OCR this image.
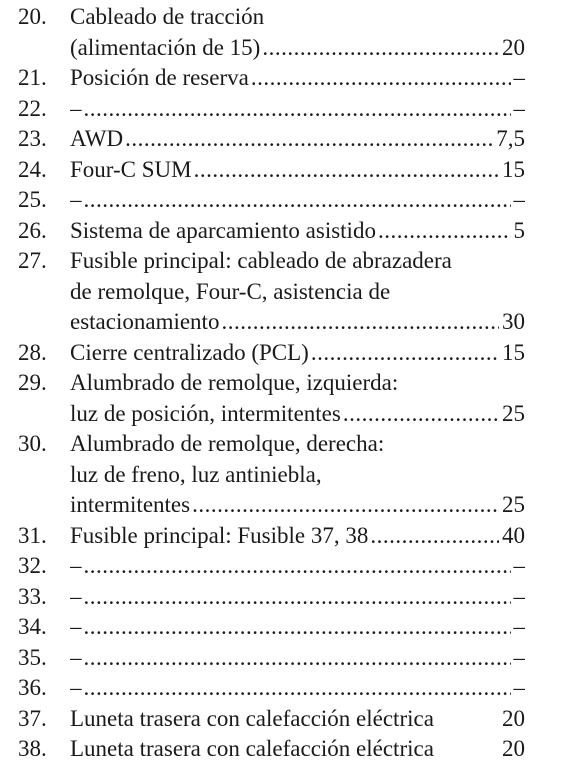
20.	Cableado de tracción
(alimentación de 15) .....	20
21.	Posición de reserva .....	–
22.	– .....	–
23.	AWD .....	7,5
24.	Four-C SUM .....	15
25.	– .....	–
26.	Sistema de aparcamiento asistido .....	5
27.	Fusible principal: cableado de abrazadera
de remolque, Four-C, asistencia de
estacionamiento .....	30
28.	Cierre centralizado (PCL) .....	15
29.	Alumbrado de remolque, izquierda:
luz de posición, intermitentes .....	25
30.	Alumbrado de remolque, derecha:
luz de freno, luz antiniebla,
intermitentes .....	25
31.	Fusible principal: Fusible 37, 38 .....	40
32.	– .....	–
33.	– .....	–
34.	– .....	–
35.	– .....	–
36.	– .....	–
37.	Luneta trasera con calefacción eléctrica	20
38.	Luneta trasera con calefacción eléctrica	20
